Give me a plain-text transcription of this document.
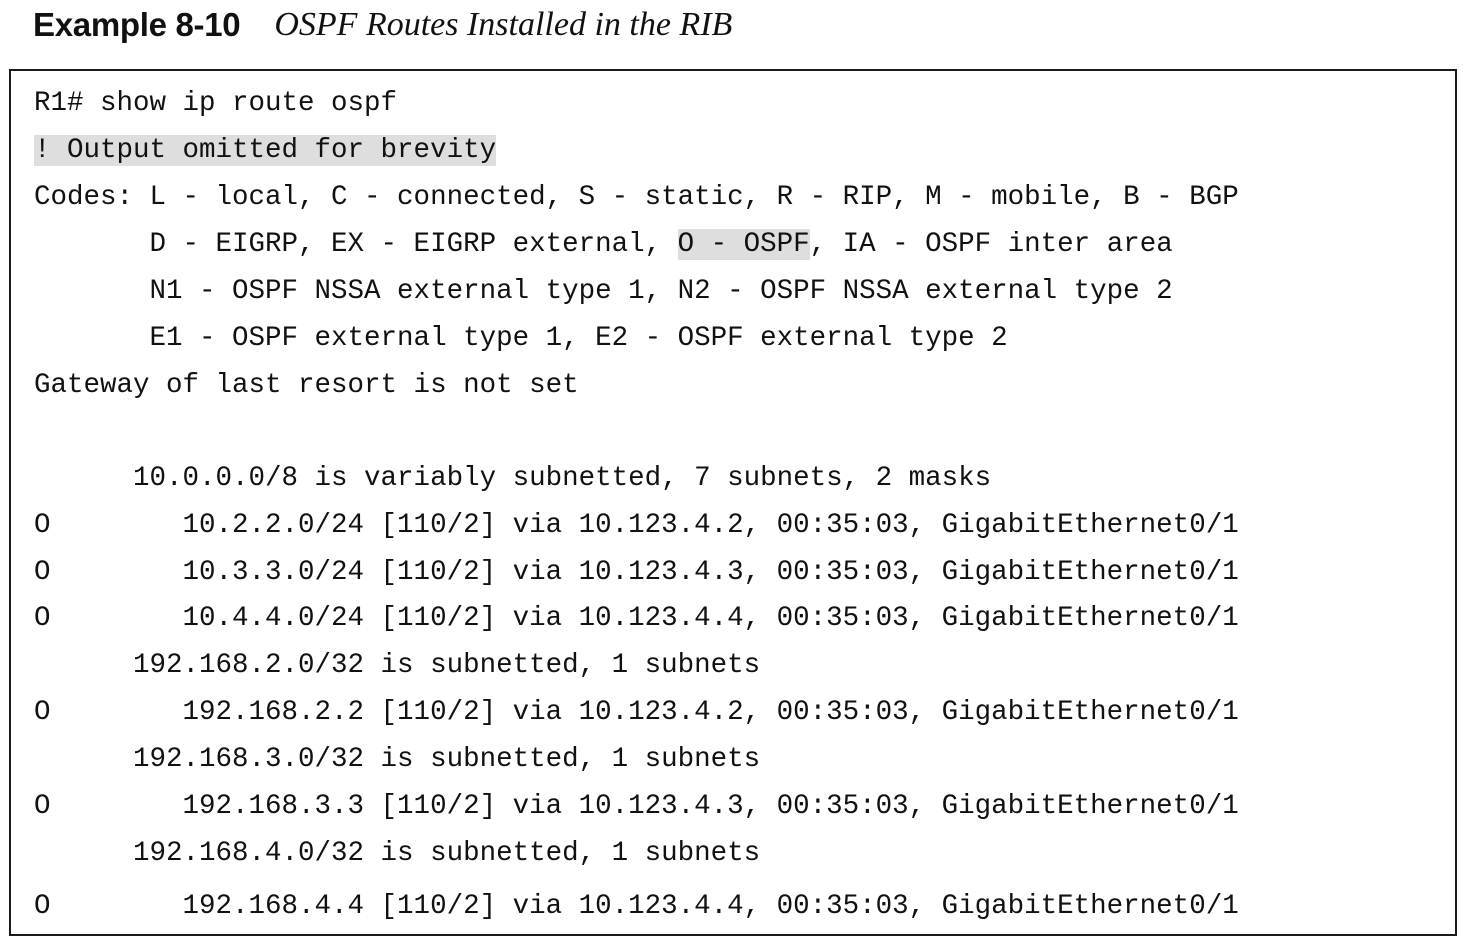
Example 8-10 OSPF Routes Installed in the RIB
R1# show ip route ospf
! Output omitted for brevity
Codes: L - local, C - connected, S - static, R - RIP, M - mobile, B - BGP
D - EIGRP, EX - EIGRP external, O - OSPF, IA - OSPF inter area
N1 - OSPF NSSA external type 1, N2 - OSPF NSSA external type 2
E1 - OSPF external type 1, E2 - OSPF external type 2
Gateway of last resort is not set
10.0.0.0/8 is variably subnetted, 7 subnets, 2 masks
O        10.2.2.0/24 [110/2] via 10.123.4.2, 00:35:03, GigabitEthernet0/1
O        10.3.3.0/24 [110/2] via 10.123.4.3, 00:35:03, GigabitEthernet0/1
O        10.4.4.0/24 [110/2] via 10.123.4.4, 00:35:03, GigabitEthernet0/1
192.168.2.0/32 is subnetted, 1 subnets
O        192.168.2.2 [110/2] via 10.123.4.2, 00:35:03, GigabitEthernet0/1
192.168.3.0/32 is subnetted, 1 subnets
O        192.168.3.3 [110/2] via 10.123.4.3, 00:35:03, GigabitEthernet0/1
192.168.4.0/32 is subnetted, 1 subnets
O        192.168.4.4 [110/2] via 10.123.4.4, 00:35:03, GigabitEthernet0/1
